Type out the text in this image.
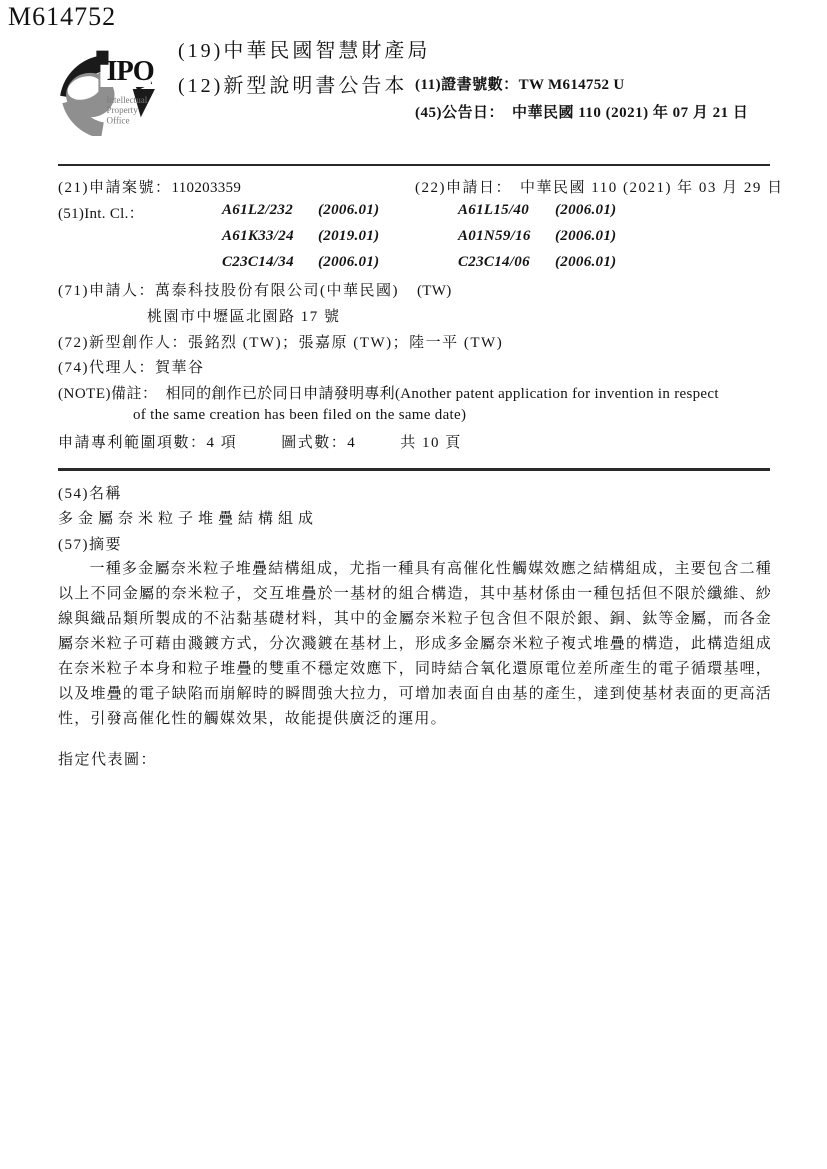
M614752
IPO
Intellectual
Property
Office
(19)中華民國智慧財產局
(12)新型說明書公告本 (11)證書號數：TW M614752 U
(45)公告日： 中華民國 110 (2021) 年 07 月 21 日
(21)申請案號：110203359	(22)申請日： 中華民國 110 (2021) 年 03 月 29 日
(51)Int. Cl.：	A61L2/232 (2006.01)	A61L15/40 (2006.01)
A61K33/24 (2019.01)	A01N59/16 (2006.01)
C23C14/34 (2006.01)	C23C14/06 (2006.01)
(71)申請人：萬泰科技股份有限公司(中華民國) (TW)
桃園市中壢區北園路 17 號
(72)新型創作人：張銘烈 (TW)；張嘉原 (TW)；陸一平 (TW)
(74)代理人：賀華谷
(NOTE)備註： 相同的創作已於同日申請發明專利(Another patent application for invention in respect
of the same creation has been filed on the same date)
申請專利範圍項數：4 項	圖式數：4	共 10 頁
(54)名稱
多金屬奈米粒子堆疊結構組成
(57)摘要

一種多金屬奈米粒子堆疊結構組成，尤指一種具有高催化性觸媒效應之結構組成，主要包含二種以上不同金屬的奈米粒子，交互堆疊於一基材的組合構造，其中基材係由一種包括但不限於纖維、紗線與織品類所製成的不沾黏基礎材料，其中的金屬奈米粒子包含但不限於銀、銅、鈦等金屬，而各金屬奈米粒子可藉由濺鍍方式，分次濺鍍在基材上，形成多金屬奈米粒子複式堆疊的構造，此構造組成在奈米粒子本身和粒子堆疊的雙重不穩定效應下，同時結合氧化還原電位差所產生的電子循環基哩，以及堆疊的電子缺陷而崩解時的瞬間強大拉力，可增加表面自由基的產生，達到使基材表面的更高活性，引發高催化性的觸媒效果，故能提供廣泛的運用。

指定代表圖：
